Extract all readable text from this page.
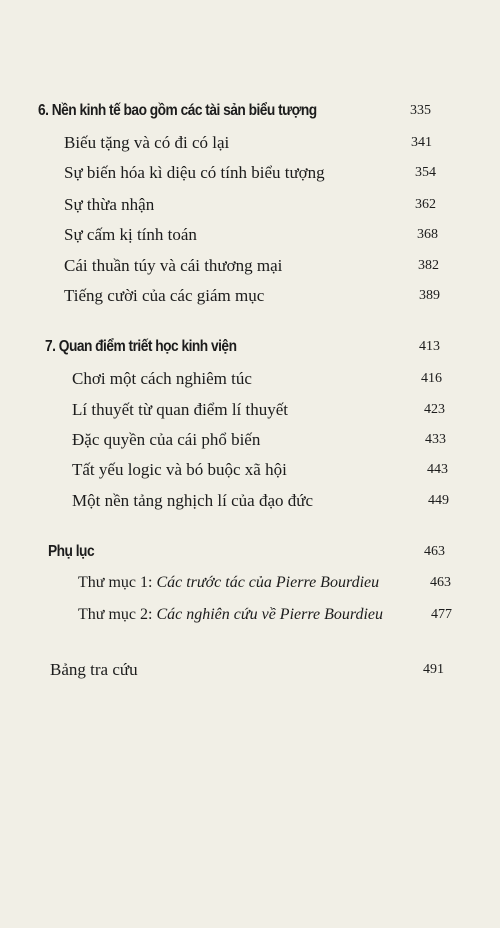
6. Nền kinh tế bao gồm các tài sản biểu tượng	335
Biếu tặng và có đi có lại	341
Sự biến hóa kì diệu có tính biểu tượng	354
Sự thừa nhận	362
Sự cấm kị tính toán	368
Cái thuần túy và cái thương mại	382
Tiếng cười của các giám mục	389
7. Quan điểm triết học kinh viện	413
Chơi một cách nghiêm túc	416
Lí thuyết từ quan điểm lí thuyết	423
Đặc quyền của cái phổ biến	433
Tất yếu logic và bó buộc xã hội	443
Một nền tảng nghịch lí của đạo đức	449
Phụ lục	463
Thư mục 1: Các trước tác của Pierre Bourdieu	463
Thư mục 2: Các nghiên cứu về Pierre Bourdieu	477
Bảng tra cứu	491
